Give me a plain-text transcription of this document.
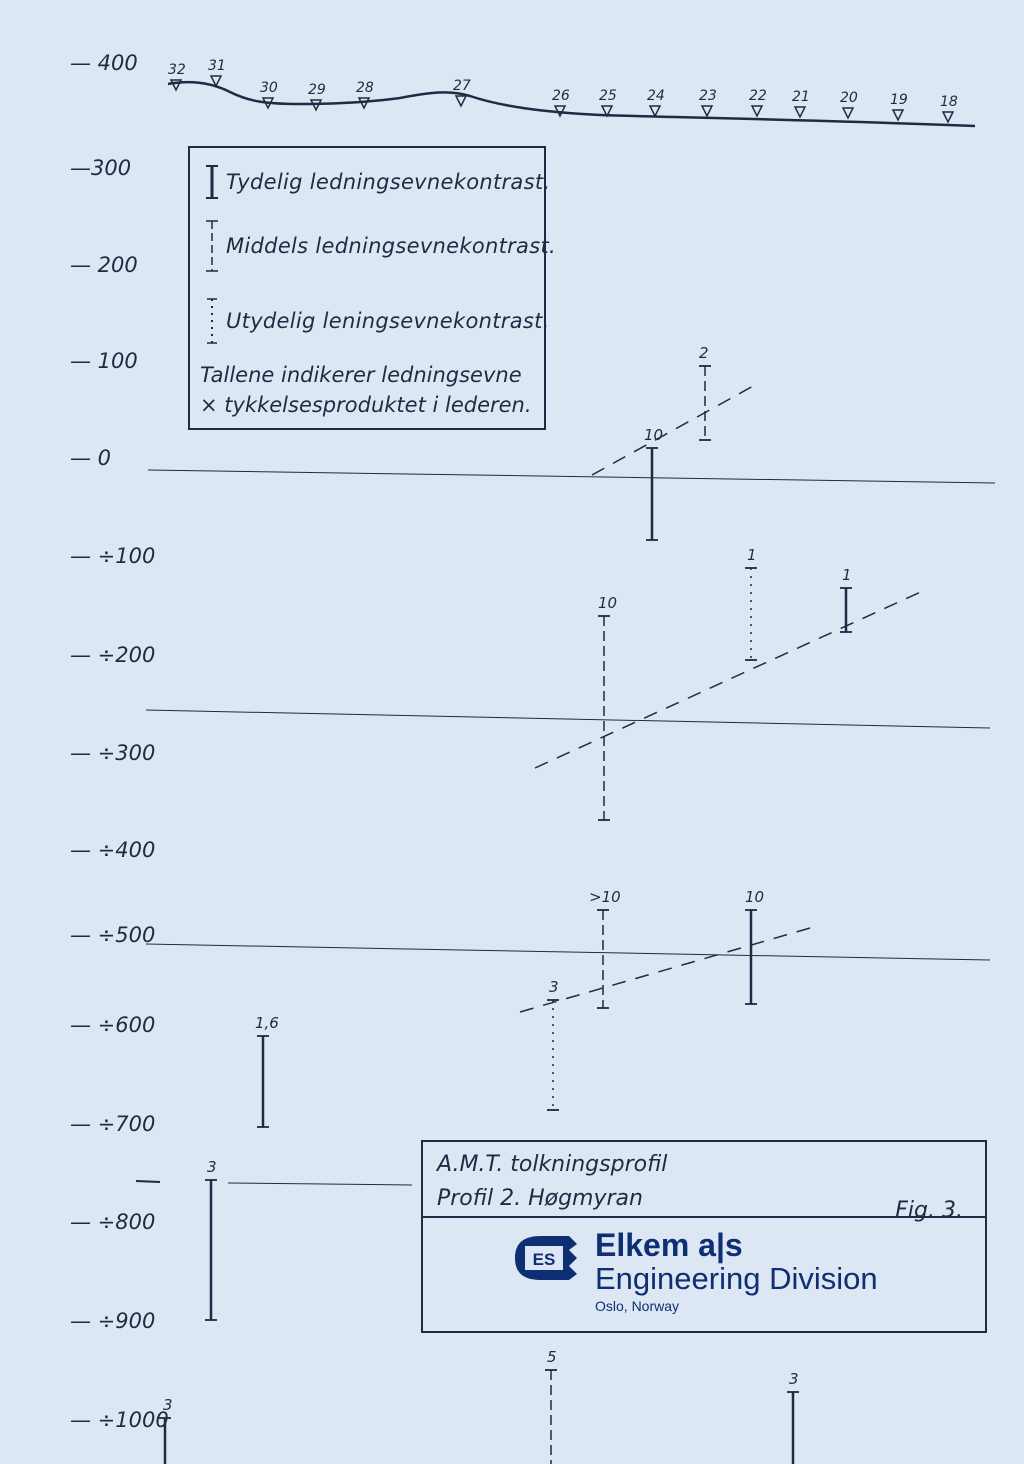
— 400
—300
— 200
— 100
— 0
— ÷100
— ÷200
— ÷300
— ÷400
— ÷500
— ÷600
— ÷700
— ÷800
— ÷900
— ÷1000
32 31
30 29 28	27
26 25 24 23 22 21 20 19 18
2
10
1
10
1
>10	10
3
1,6
3
5
3
3
Tydelig ledningsevnekontrast.
Middels ledningsevnekontrast.
Utydelig leningsevnekontrast.
Tallene indikerer ledningsevne × tykkelsesproduktet i lederen.
A.M.T. tolkningsprofil
Profil 2. Høgmyran	Fig. 3.
ES Elkem a|s
Engineering Division
Oslo, Norway
